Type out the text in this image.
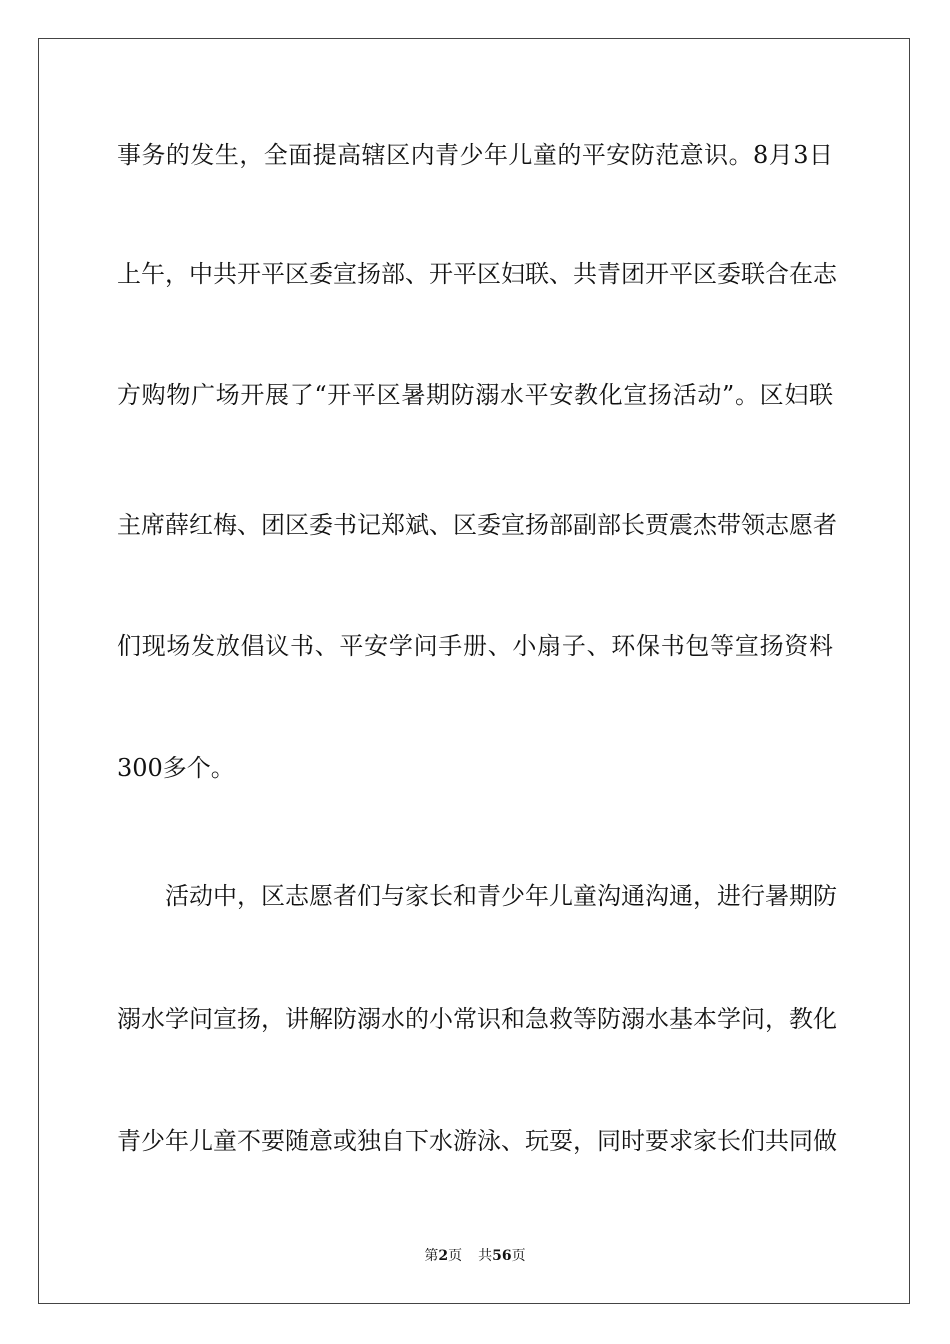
事务的发生，全面提高辖区内青少年儿童的平安防范意识。8月3日
上午，中共开平区委宣扬部、开平区妇联、共青团开平区委联合在志
方购物广场开展了“开平区暑期防溺水平安教化宣扬活动”。区妇联
主席薛红梅、团区委书记郑斌、区委宣扬部副部长贾震杰带领志愿者
们现场发放倡议书、平安学问手册、小扇子、环保书包等宣扬资料
300多个。
活动中，区志愿者们与家长和青少年儿童沟通沟通，进行暑期防
溺水学问宣扬，讲解防溺水的小常识和急救等防溺水基本学问，教化
青少年儿童不要随意或独自下水游泳、玩耍，同时要求家长们共同做
第2页 共56页
